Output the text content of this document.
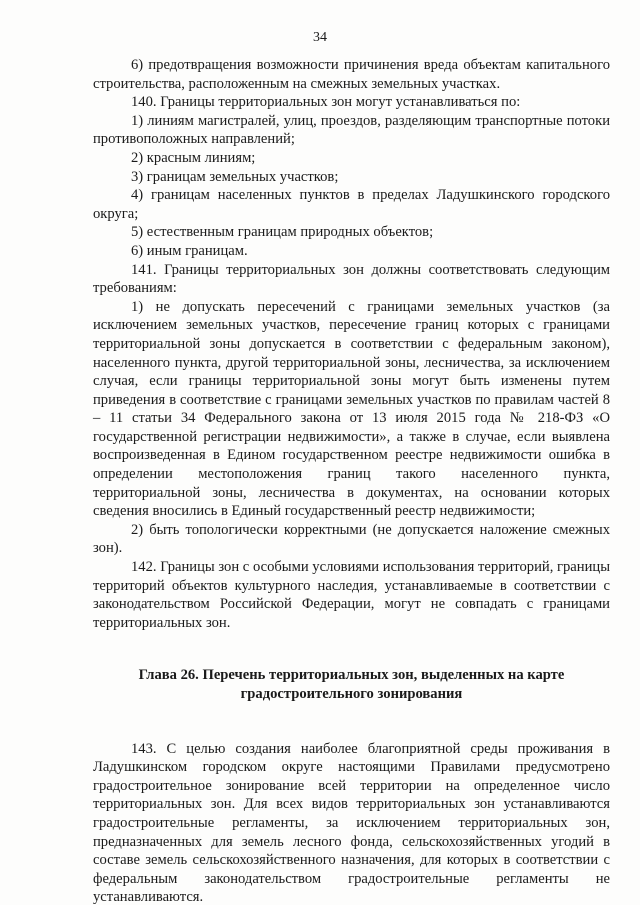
34

6) предотвращения возможности причинения вреда объектам капитального строительства, расположенным на смежных земельных участках.

140. Границы территориальных зон могут устанавливаться по:

1) линиям магистралей, улиц, проездов, разделяющим транспортные потоки противоположных направлений;

2) красным линиям;

3) границам земельных участков;

4) границам населенных пунктов в пределах Ладушкинского городского округа;

5) естественным границам природных объектов;

6) иным границам.

141. Границы территориальных зон должны соответствовать следующим требованиям:

1) не допускать пересечений с границами земельных участков (за исключением земельных участков, пересечение границ которых с границами территориальной зоны допускается в соответствии с федеральным законом), населенного пункта, другой территориальной зоны, лесничества, за исключением случая, если границы территориальной зоны могут быть изменены путем приведения в соответствие с границами земельных участков по правилам частей 8 – 11 статьи 34 Федерального закона от 13 июля 2015 года № 218-ФЗ «О государственной регистрации недвижимости», а также в случае, если выявлена воспроизведенная в Едином государственном реестре недвижимости ошибка в определении местоположения границ такого населенного пункта, территориальной зоны, лесничества в документах, на основании которых сведения вносились в Единый государственный реестр недвижимости;

2) быть топологически корректными (не допускается наложение смежных зон).

142. Границы зон с особыми условиями использования территорий, границы территорий объектов культурного наследия, устанавливаемые в соответствии с законодательством Российской Федерации, могут не совпадать с границами территориальных зон.

Глава 26. Перечень территориальных зон, выделенных на карте
градостроительного зонирования

143. С целью создания наиболее благоприятной среды проживания в Ладушкинском городском округе настоящими Правилами предусмотрено градостроительное зонирование всей территории на определенное число территориальных зон. Для всех видов территориальных зон устанавливаются градостроительные регламенты, за исключением территориальных зон, предназначенных для земель лесного фонда, сельскохозяйственных угодий в составе земель сельскохозяйственного назначения, для которых в соответствии с федеральным законодательством градостроительные регламенты не устанавливаются.
